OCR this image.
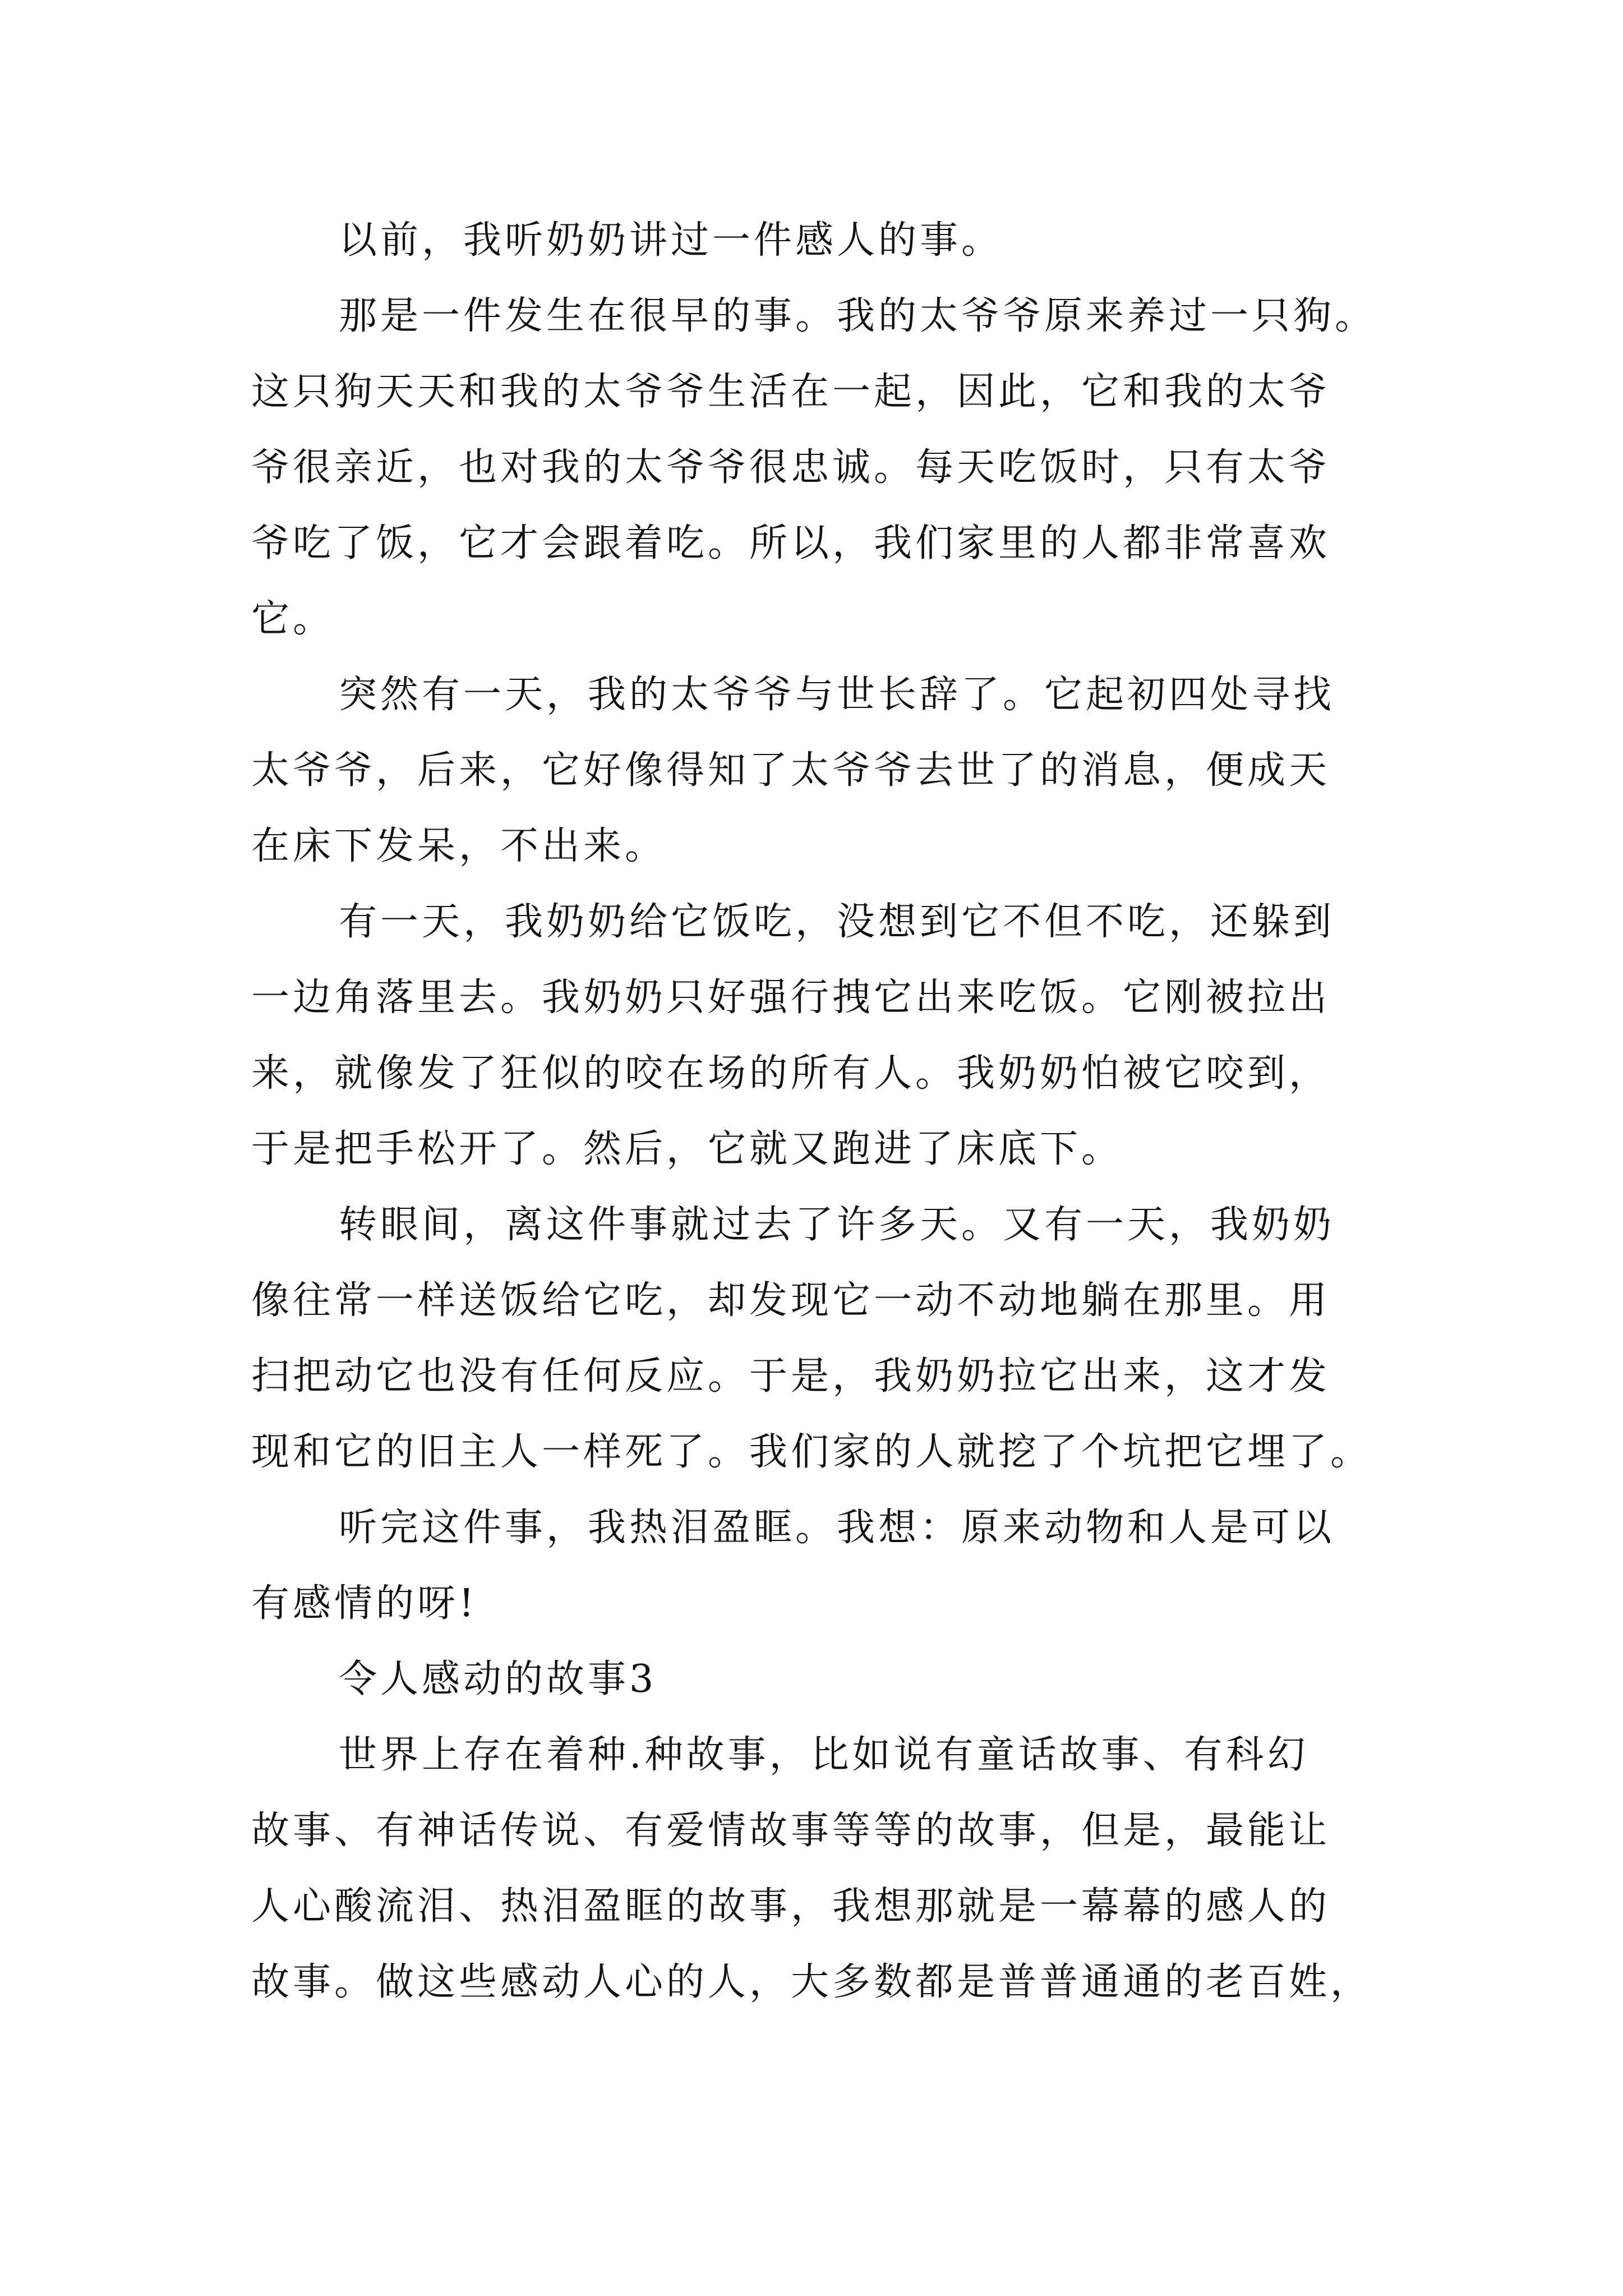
以前，我听奶奶讲过一件感人的事。
那是一件发生在很早的事。我的太爷爷原来养过一只狗。
这只狗天天和我的太爷爷生活在一起，因此，它和我的太爷
爷很亲近，也对我的太爷爷很忠诚。每天吃饭时，只有太爷
爷吃了饭，它才会跟着吃。所以，我们家里的人都非常喜欢
它。
突然有一天，我的太爷爷与世长辞了。它起初四处寻找
太爷爷，后来，它好像得知了太爷爷去世了的消息，便成天
在床下发呆，不出来。
有一天，我奶奶给它饭吃，没想到它不但不吃，还躲到
一边角落里去。我奶奶只好强行拽它出来吃饭。它刚被拉出
来，就像发了狂似的咬在场的所有人。我奶奶怕被它咬到，
于是把手松开了。然后，它就又跑进了床底下。
转眼间，离这件事就过去了许多天。又有一天，我奶奶
像往常一样送饭给它吃，却发现它一动不动地躺在那里。用
扫把动它也没有任何反应。于是，我奶奶拉它出来，这才发
现和它的旧主人一样死了。我们家的人就挖了个坑把它埋了。
听完这件事，我热泪盈眶。我想：原来动物和人是可以
有感情的呀!
令人感动的故事3
世界上存在着种.种故事，比如说有童话故事、有科幻
故事、有神话传说、有爱情故事等等的故事，但是，最能让
人心酸流泪、热泪盈眶的故事，我想那就是一幕幕的感人的
故事。做这些感动人心的人，大多数都是普普通通的老百姓，
